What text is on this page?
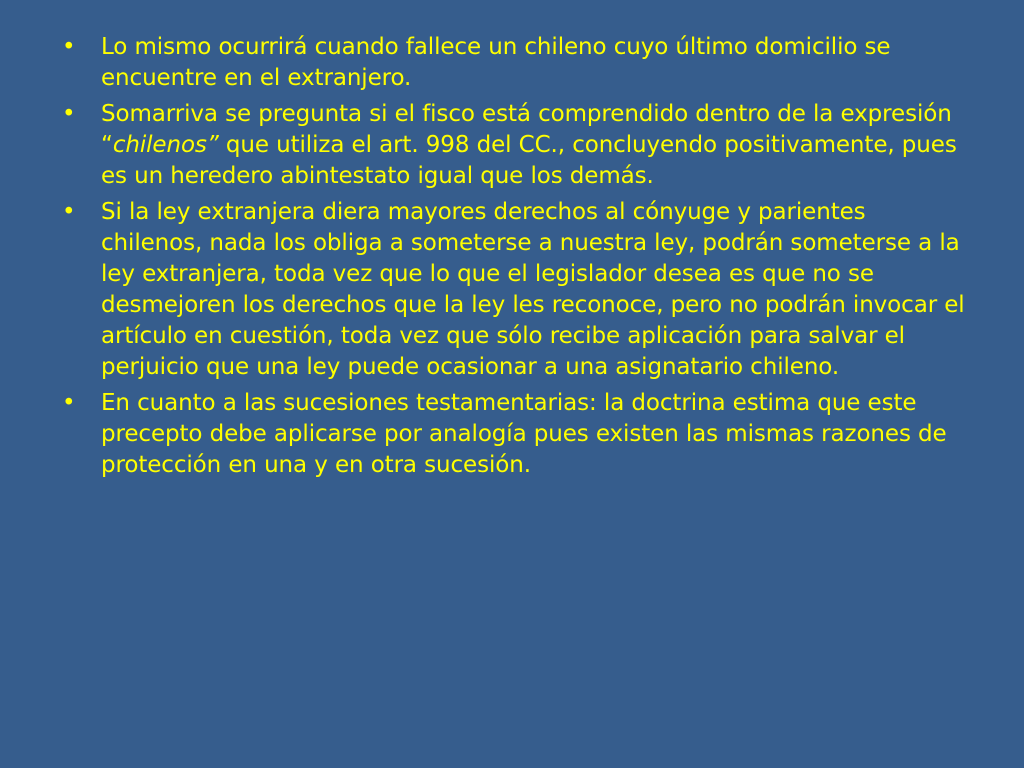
• Lo mismo ocurrirá cuando fallece un chileno cuyo último domicilio se encuentre en el extranjero.
• Somarriva se pregunta si el fisco está comprendido dentro de la expresión “chilenos” que utiliza el art. 998 del CC., concluyendo positivamente, pues es un heredero abintestato igual que los demás.
• Si la ley extranjera diera mayores derechos al cónyuge y parientes chilenos, nada los obliga a someterse a nuestra ley, podrán someterse a la ley extranjera, toda vez que lo que el legislador desea es que no se desmejoren los derechos que la ley les reconoce, pero no podrán invocar el artículo en cuestión, toda vez que sólo recibe aplicación para salvar el perjuicio que una ley puede ocasionar a una asignatario chileno.
• En cuanto a las sucesiones testamentarias: la doctrina estima que este precepto debe aplicarse por analogía pues existen las mismas razones de protección en una y en otra sucesión.
